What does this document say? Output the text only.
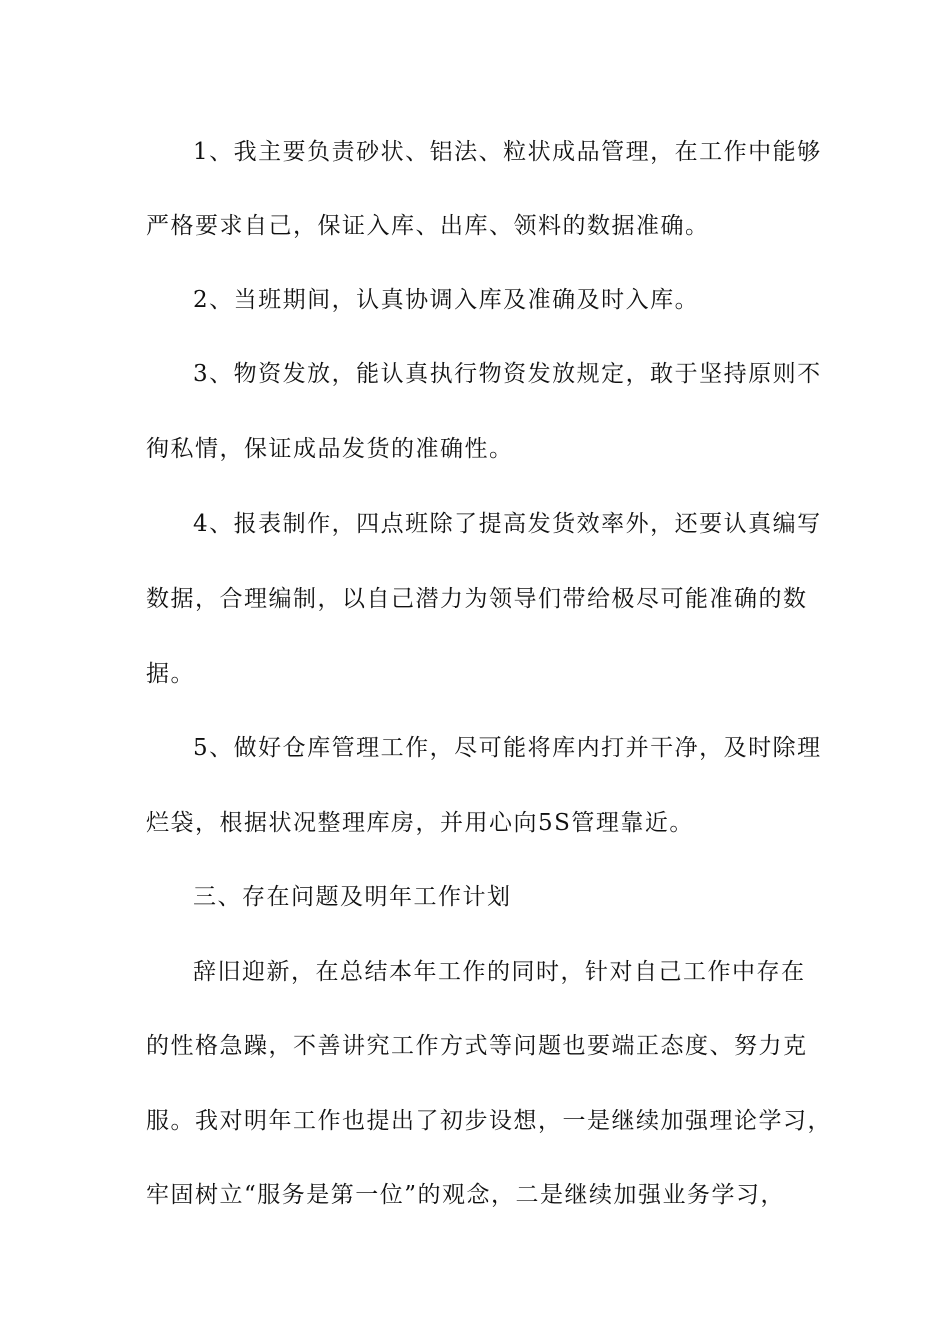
1、我主要负责砂状、铝法、粒状成品管理，在工作中能够
严格要求自己，保证入库、出库、领料的数据准确。
2、当班期间，认真协调入库及准确及时入库。
3、物资发放，能认真执行物资发放规定，敢于坚持原则不
徇私情，保证成品发货的准确性。
4、报表制作，四点班除了提高发货效率外，还要认真编写
数据，合理编制，以自己潜力为领导们带给极尽可能准确的数
据。
5、做好仓库管理工作，尽可能将库内打并干净，及时除理
烂袋，根据状况整理库房，并用心向5S管理靠近。
三、存在问题及明年工作计划
辞旧迎新，在总结本年工作的同时，针对自己工作中存在
的性格急躁，不善讲究工作方式等问题也要端正态度、努力克
服。我对明年工作也提出了初步设想，一是继续加强理论学习，
牢固树立“服务是第一位”的观念，二是继续加强业务学习，
